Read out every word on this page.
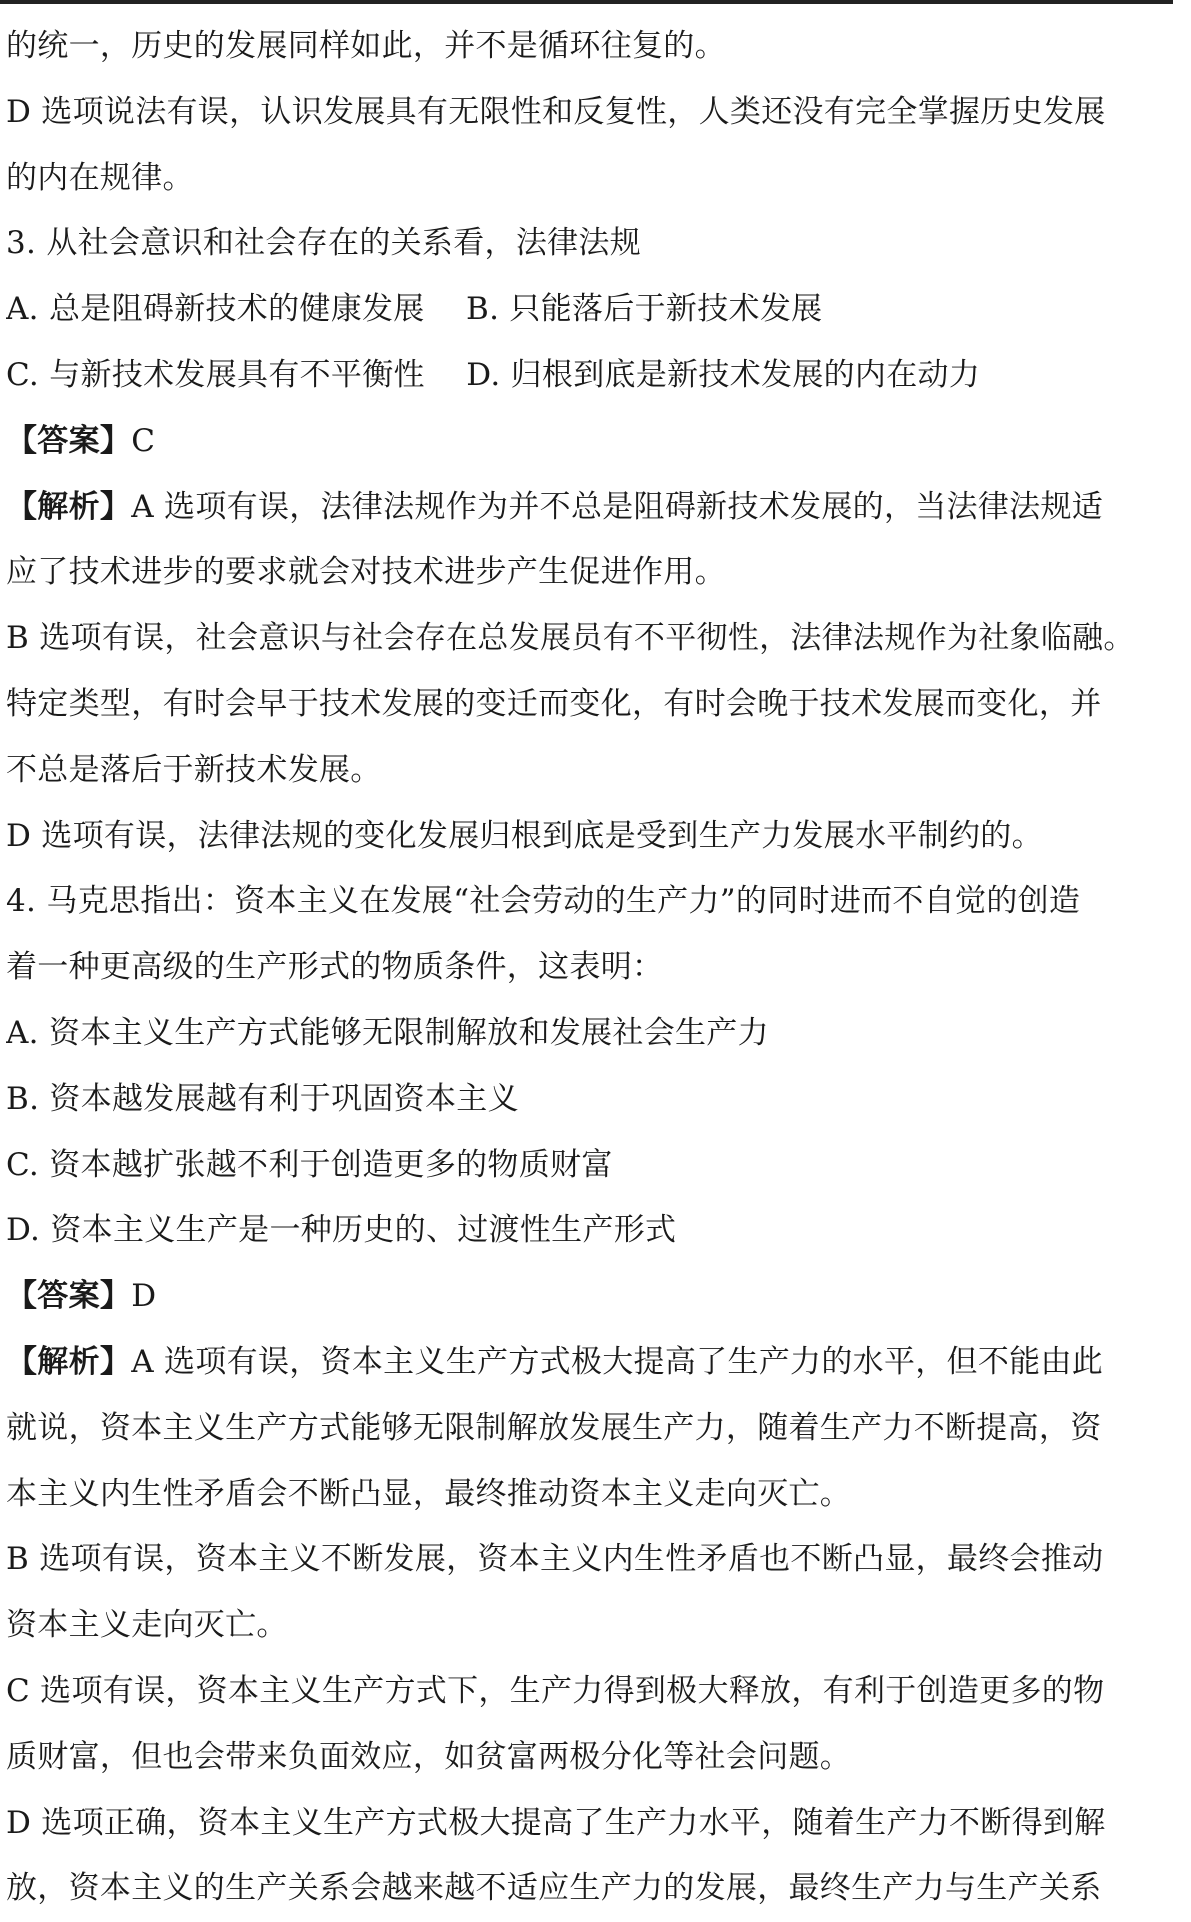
的统一，历史的发展同样如此，并不是循环往复的。
D 选项说法有误，认识发展具有无限性和反复性，人类还没有完全掌握历史发展
的内在规律。
3. 从社会意识和社会存在的关系看，法律法规
A. 总是阻碍新技术的健康发展　 B. 只能落后于新技术发展
C. 与新技术发展具有不平衡性　 D. 归根到底是新技术发展的内在动力
【答案】C
【解析】A 选项有误，法律法规作为并不总是阻碍新技术发展的，当法律法规适
应了技术进步的要求就会对技术进步产生促进作用。
B 选项有误，社会意识与社会存在总发展员有不平彻性，法律法规作为社象临融。
特定类型，有时会早于技术发展的变迁而变化，有时会晚于技术发展而变化，并
不总是落后于新技术发展。
D 选项有误，法律法规的变化发展归根到底是受到生产力发展水平制约的。
4. 马克思指出：资本主义在发展“社会劳动的生产力”的同时进而不自觉的创造
着一种更高级的生产形式的物质条件，这表明：
A. 资本主义生产方式能够无限制解放和发展社会生产力
B. 资本越发展越有利于巩固资本主义
C. 资本越扩张越不利于创造更多的物质财富
D. 资本主义生产是一种历史的、过渡性生产形式
【答案】D
【解析】A 选项有误，资本主义生产方式极大提高了生产力的水平，但不能由此
就说，资本主义生产方式能够无限制解放发展生产力，随着生产力不断提高，资
本主义内生性矛盾会不断凸显，最终推动资本主义走向灭亡。
B 选项有误，资本主义不断发展，资本主义内生性矛盾也不断凸显，最终会推动
资本主义走向灭亡。
C 选项有误，资本主义生产方式下，生产力得到极大释放，有利于创造更多的物
质财富，但也会带来负面效应，如贫富两极分化等社会问题。
D 选项正确，资本主义生产方式极大提高了生产力水平，随着生产力不断得到解
放，资本主义的生产关系会越来越不适应生产力的发展，最终生产力与生产关系
